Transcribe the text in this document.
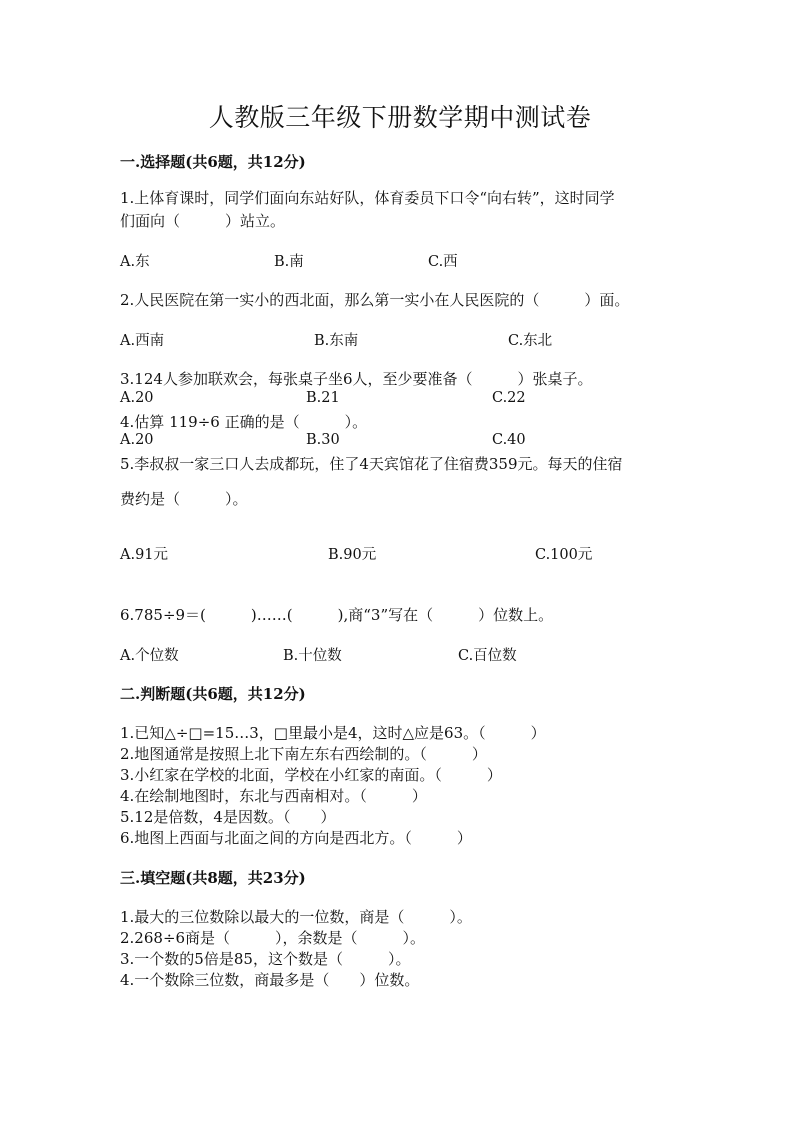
人教版三年级下册数学期中测试卷
一.选择题(共6题，共12分)
1.上体育课时，同学们面向东站好队，体育委员下口令“向右转”，这时同学
们面向（　　　）站立。
A.东	B.南	C.西
2.人民医院在第一实小的西北面，那么第一实小在人民医院的（　　　）面。
A.西南	B.东南	C.东北
3.124人参加联欢会，每张桌子坐6人，至少要准备（　　　）张桌子。
A.20	B.21	C.22
4.估算 119÷6 正确的是（　　　）。
A.20	B.30	C.40
5.李叔叔一家三口人去成都玩，住了4天宾馆花了住宿费359元。每天的住宿
费约是（　　　）。
A.91元	B.90元	C.100元
6.785÷9＝(　　　)……(　　　),商“3”写在（　　　）位数上。
A.个位数	B.十位数	C.百位数
二.判断题(共6题，共12分)
1.已知△÷□=15…3，□里最小是4，这时△应是63。（　　　）
2.地图通常是按照上北下南左东右西绘制的。（　　　）
3.小红家在学校的北面，学校在小红家的南面。（　　　）
4.在绘制地图时，东北与西南相对。（　　　）
5.12是倍数，4是因数。（　　）
6.地图上西面与北面之间的方向是西北方。（　　　）
三.填空题(共8题，共23分)
1.最大的三位数除以最大的一位数，商是（　　　）。
2.268÷6商是（　　　），余数是（　　　）。
3.一个数的5倍是85，这个数是（　　　）。
4.一个数除三位数，商最多是（　　）位数。
